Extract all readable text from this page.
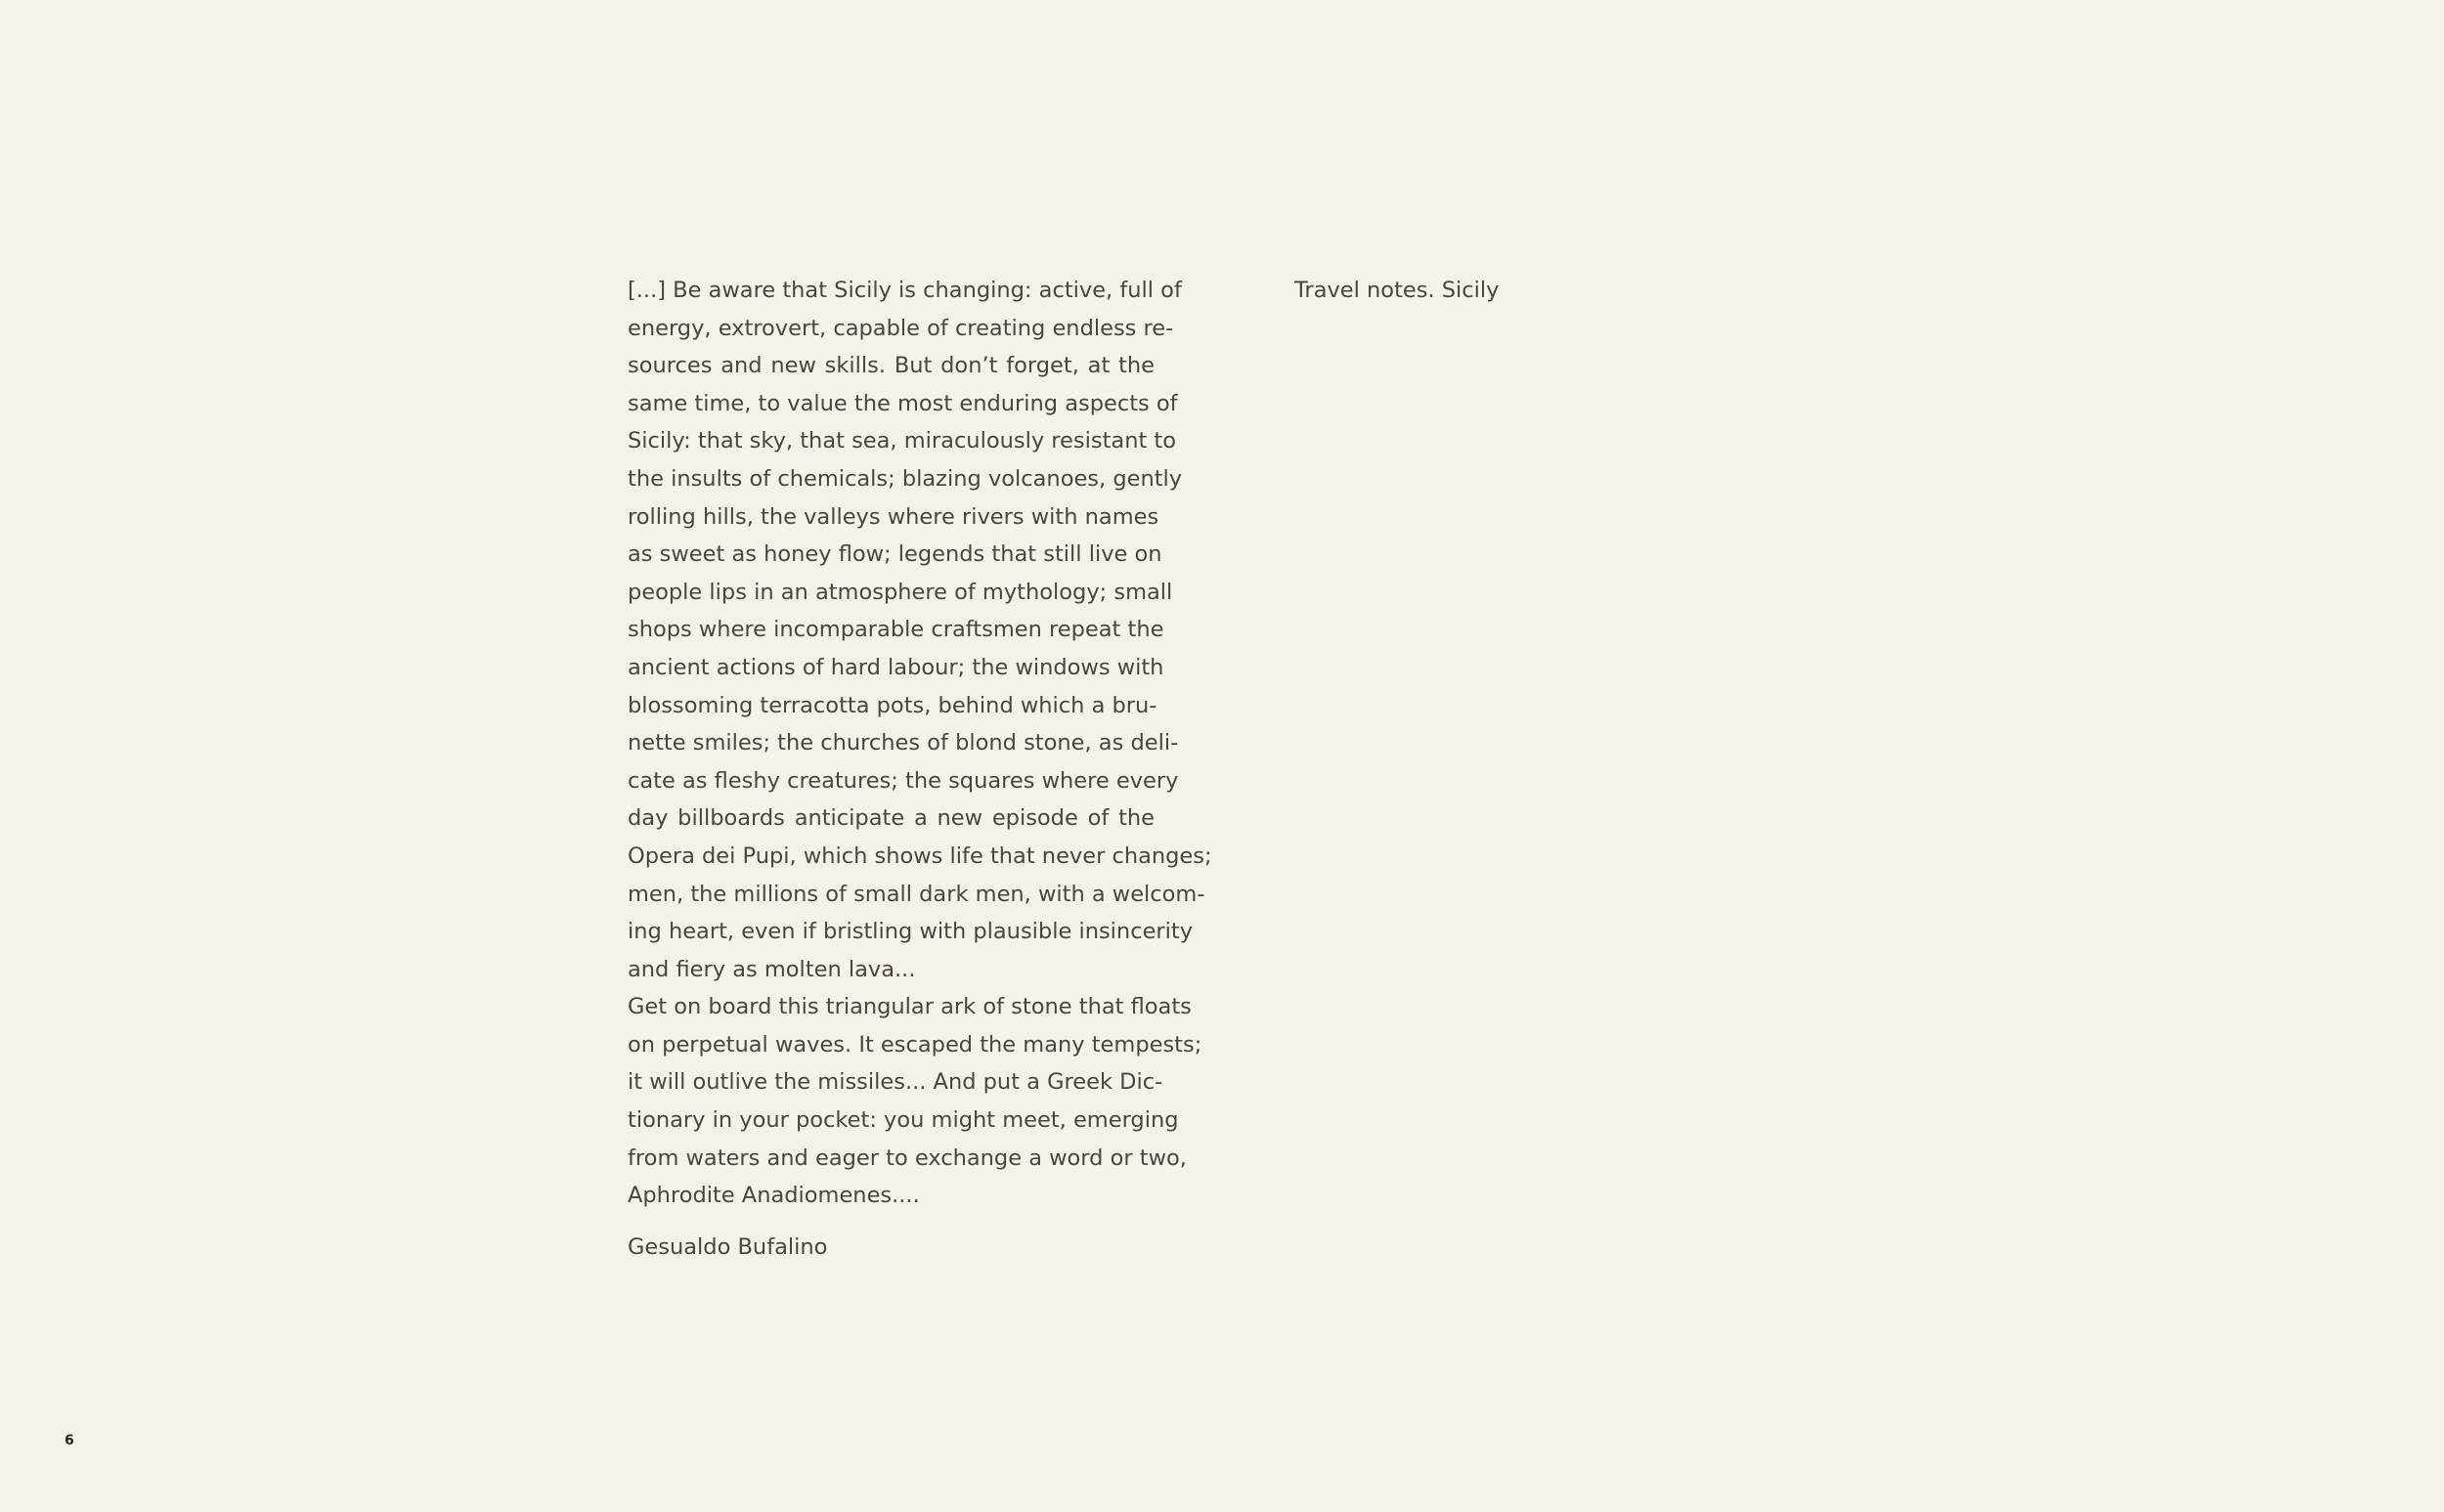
[...] Be aware that Sicily is changing: active, full of
energy, extrovert, capable of creating endless re-
sources and new skills. But don’t forget, at the
same time, to value the most enduring aspects of
Sicily: that sky, that sea, miraculously resistant to
the insults of chemicals; blazing volcanoes, gently
rolling hills, the valleys where rivers with names
as sweet as honey flow; legends that still live on
people lips in an atmosphere of mythology; small
shops where incomparable craftsmen repeat the
ancient actions of hard labour; the windows with
blossoming terracotta pots, behind which a bru-
nette smiles; the churches of blond stone, as deli-
cate as fleshy creatures; the squares where every
day billboards anticipate a new episode of the
Opera dei Pupi, which shows life that never changes;
men, the millions of small dark men, with a welcom-
ing heart, even if bristling with plausible insincerity
and fiery as molten lava...
Get on board this triangular ark of stone that floats
on perpetual waves. It escaped the many tempests;
it will outlive the missiles... And put a Greek Dic-
tionary in your pocket: you might meet, emerging
from waters and eager to exchange a word or two,
Aphrodite Anadiomenes....

Gesualdo Bufalino

Travel notes. Sicily

6
